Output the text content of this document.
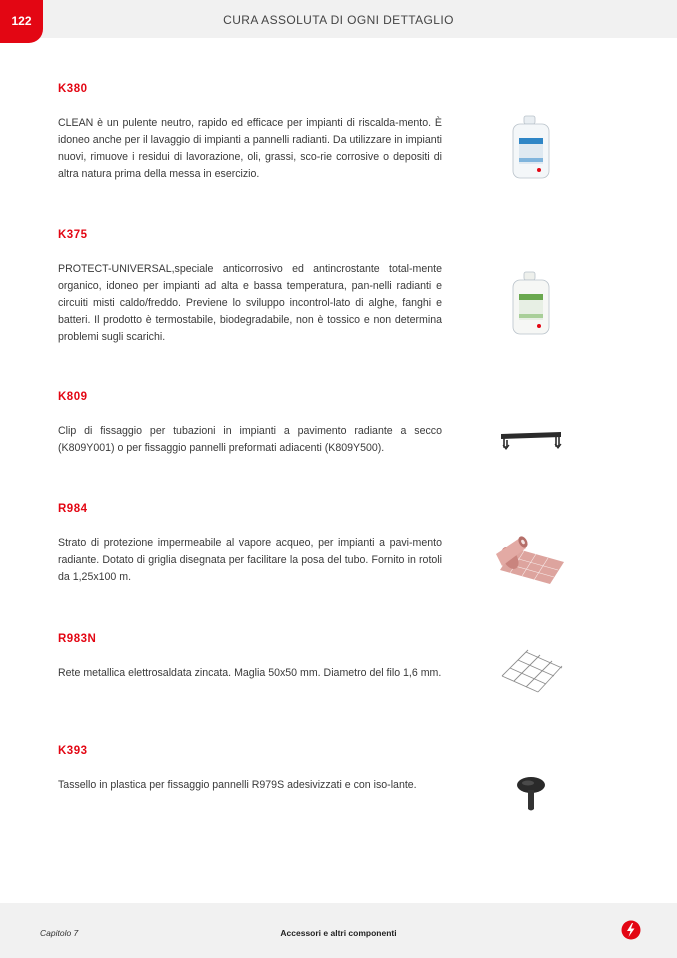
122	CURA ASSOLUTA DI OGNI DETTAGLIO
K380
CLEAN è un pulente neutro, rapido ed efficace per impianti di riscalda-mento. È idoneo anche per il lavaggio di impianti a pannelli radianti. Da utilizzare in impianti nuovi, rimuove i residui di lavorazione, oli, grassi, sco-rie corrosive o depositi di altra natura prima della messa in esercizio.
K375
PROTECT-UNIVERSAL,speciale anticorrosivo ed antincrostante total-mente organico, idoneo per impianti ad alta e bassa temperatura, pan-nelli radianti e circuiti misti caldo/freddo. Previene lo sviluppo incontrol-lato di alghe, fanghi e batteri. Il prodotto è termostabile, biodegradabile, non è tossico e non determina problemi sugli scarichi.
K809
Clip di fissaggio per tubazioni in impianti a pavimento radiante a secco (K809Y001) o per fissaggio pannelli preformati adiacenti (K809Y500).
R984
Strato di protezione impermeabile al vapore acqueo, per impianti a pavi-mento radiante. Dotato di griglia disegnata per facilitare la posa del tubo. Fornito in rotoli da 1,25x100 m.
R983N
Rete metallica elettrosaldata zincata. Maglia 50x50 mm. Diametro del filo 1,6 mm.
K393
Tassello in plastica per fissaggio pannelli R979S adesivizzati e con iso-lante.
Capitolo 7	Accessori e altri componenti
